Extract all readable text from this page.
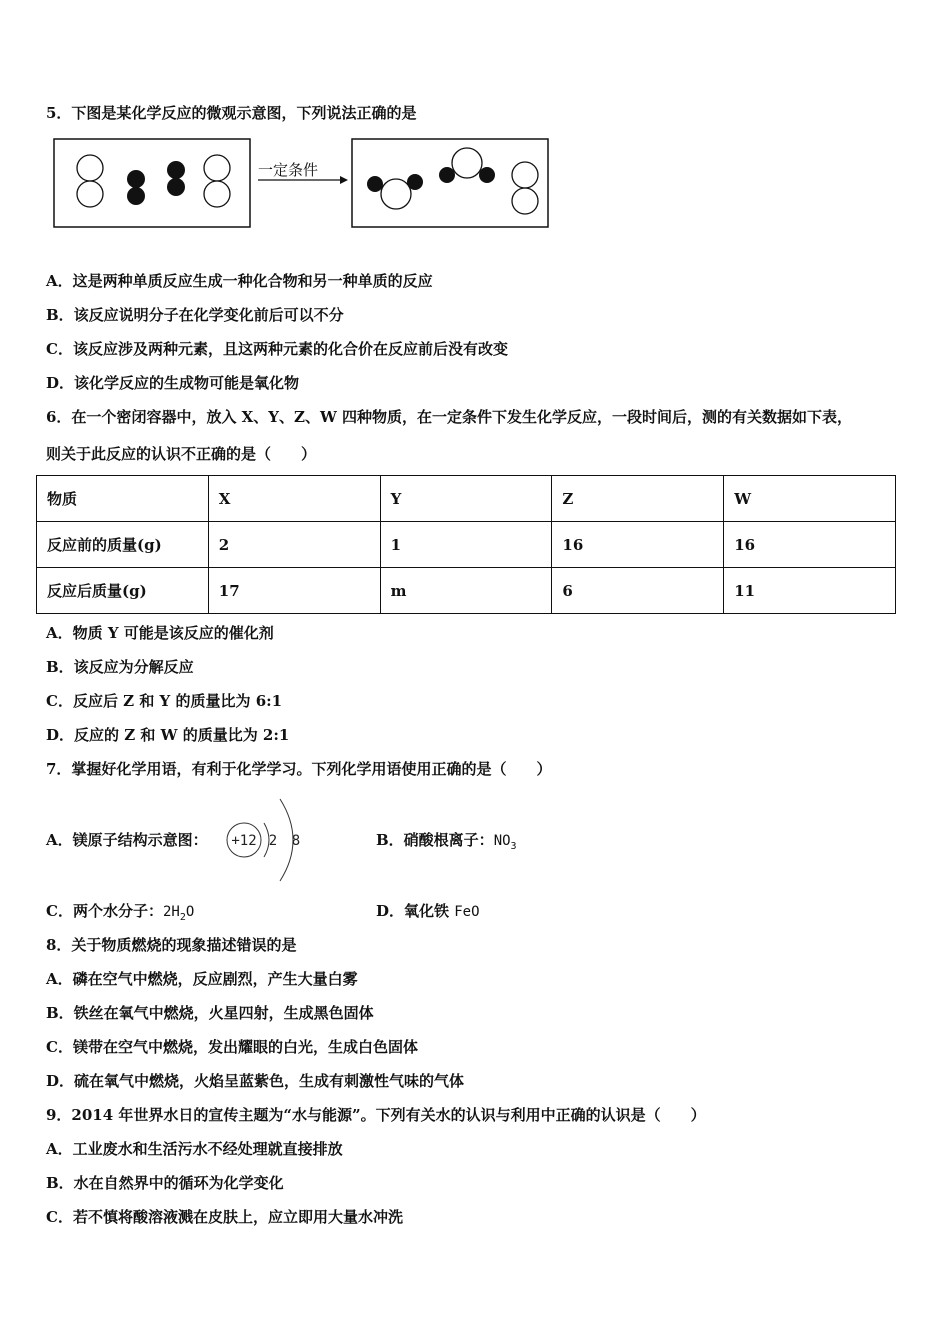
5．下图是某化学反应的微观示意图，下列说法正确的是
一定条件
A．这是两种单质反应生成一种化合物和另一种单质的反应
B．该反应说明分子在化学变化前后可以不分
C．该反应涉及两种元素，且这两种元素的化合价在反应前后没有改变
D．该化学反应的生成物可能是氧化物
6．在一个密闭容器中，放入 X、Y、Z、W 四种物质，在一定条件下发生化学反应，一段时间后，测的有关数据如下表，
则关于此反应的认识不正确的是（　　）
物质	X	Y	Z	W
反应前的质量(g)	2	1	16	16
反应后质量(g)	17	m	6	11
A．物质 Y 可能是该反应的催化剂
B．该反应为分解反应
C．反应后 Z 和 Y 的质量比为 6:1
D．反应的 Z 和 W 的质量比为 2:1
7．掌握好化学用语，有利于化学学习。下列化学用语使用正确的是（　　）
A．镁原子结构示意图： +12 2 8	B．硝酸根离子：$NO_3$
C．两个水分子：$2H_2O$	D．氧化铁 FeO
8．关于物质燃烧的现象描述错误的是
A．磷在空气中燃烧，反应剧烈，产生大量白雾
B．铁丝在氧气中燃烧，火星四射，生成黑色固体
C．镁带在空气中燃烧，发出耀眼的白光，生成白色固体
D．硫在氧气中燃烧，火焰呈蓝紫色，生成有刺激性气味的气体
9．2014 年世界水日的宣传主题为“水与能源”。下列有关水的认识与利用中正确的认识是（　　）
A．工业废水和生活污水不经处理就直接排放
B．水在自然界中的循环为化学变化
C．若不慎将酸溶液溅在皮肤上，应立即用大量水冲洗
